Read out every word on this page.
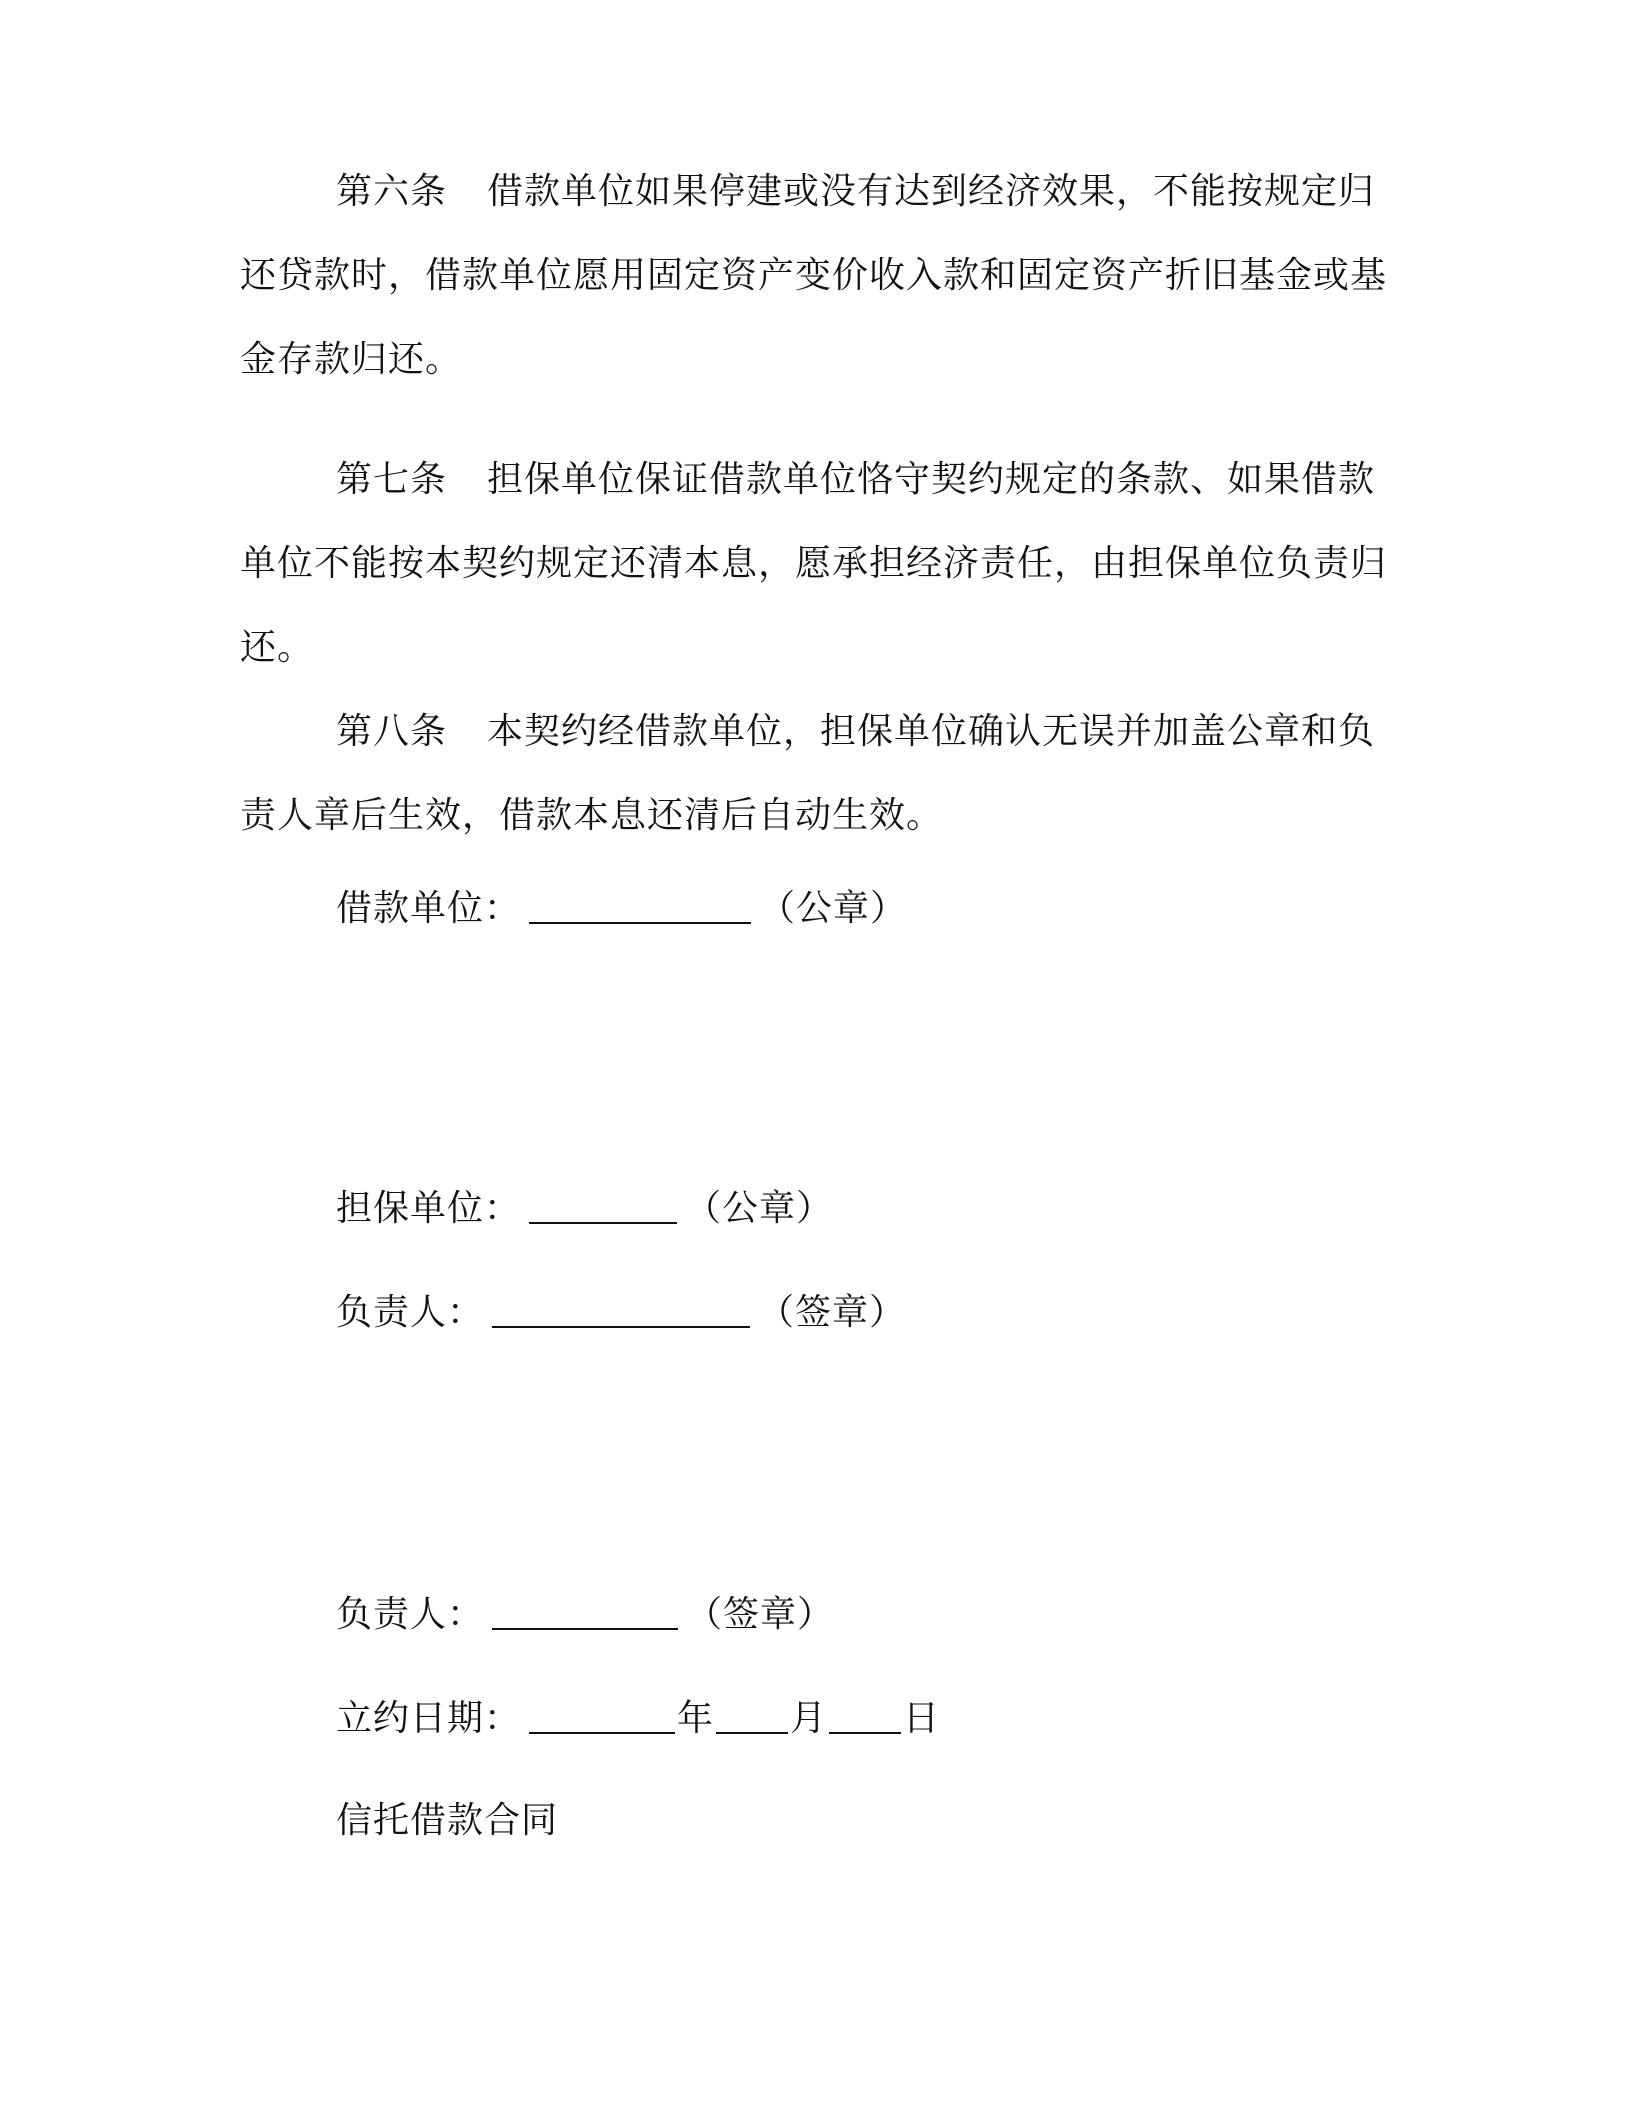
第六条 借款单位如果停建或没有达到经济效果，不能按规定归还贷款时，借款单位愿用固定资产变价收入款和固定资产折旧基金或基金存款归还。

第七条 担保单位保证借款单位恪守契约规定的条款、如果借款单位不能按本契约规定还清本息，愿承担经济责任，由担保单位负责归还。

第八条 本契约经借款单位，担保单位确认无误并加盖公章和负责人章后生效，借款本息还清后自动生效。

借款单位：	（公章）
担保单位：	（公章）
负责人：	（签章）
负责人：	（签章）
立约日期：	年 月 日
信托借款合同
